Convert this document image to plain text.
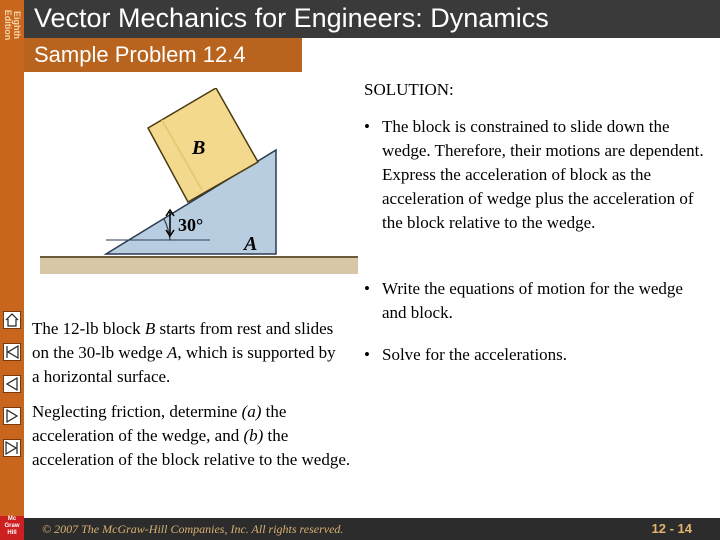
Eighth
Edition
Mc
Graw
Hill
Vector Mechanics for Engineers: Dynamics
Sample Problem 12.4
30°
B
A
The 12-lb block B starts from rest and slides on the 30-lb wedge A, which is supported by a horizontal surface.
Neglecting friction, determine (a) the acceleration of the wedge, and (b) the acceleration of the block relative to the wedge.
SOLUTION:
• The block is constrained to slide down the wedge. Therefore, their motions are dependent. Express the acceleration of block as the acceleration of wedge plus the acceleration of the block relative to the wedge.
• Write the equations of motion for the wedge and block.
• Solve for the accelerations.
© 2007 The McGraw-Hill Companies, Inc. All rights reserved.	12 - 14
